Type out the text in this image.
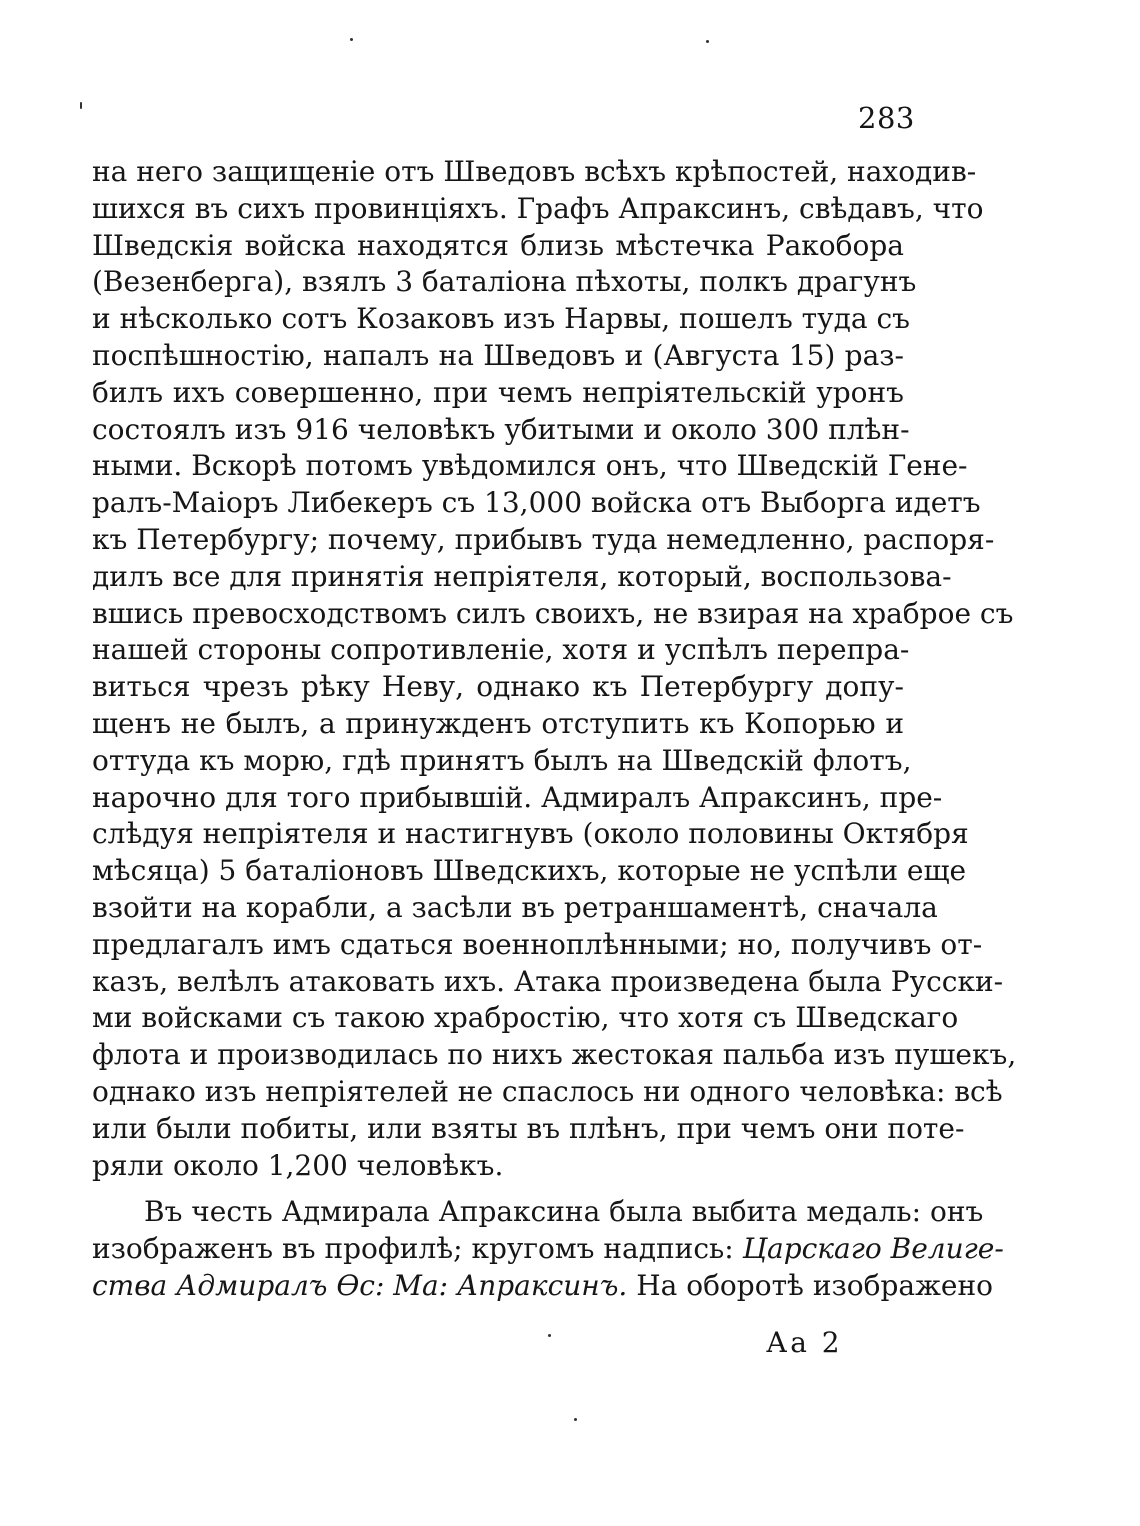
283
на него защищеніе отъ Шведовъ всѣхъ крѣпостей, находив-
шихся въ сихъ провинціяхъ. Графъ Апраксинъ, свѣдавъ, что
Шведскія войска находятся близь мѣстечка Ракобора
(Везенберга), взялъ 3 баталіона пѣхоты, полкъ драгунъ
и нѣсколько сотъ Козаковъ изъ Нарвы, пошелъ туда съ
поспѣшностію, напалъ на Шведовъ и (Августа 15) раз-
билъ ихъ совершенно, при чемъ непріятельскій уронъ
состоялъ изъ 916 человѣкъ убитыми и около 300 плѣн-
ными. Вскорѣ потомъ увѣдомился онъ, что Шведскій Гене-
ралъ-Маіоръ Либекеръ съ 13,000 войска отъ Выборга идетъ
къ Петербургу; почему, прибывъ туда немедленно, распоря-
дилъ все для принятія непріятеля, который, воспользова-
вшись превосходствомъ силъ своихъ, не взирая на храброе съ
нашей стороны сопротивленіе, хотя и успѣлъ перепра-
виться чрезъ рѣку Неву, однако къ Петербургу допу-
щенъ не былъ, а принужденъ отступить къ Копорью и
оттуда къ морю, гдѣ принятъ былъ на Шведскій флотъ,
нарочно для того прибывшій. Адмиралъ Апраксинъ, пре-
слѣдуя непріятеля и настигнувъ (около половины Октября
мѣсяца) 5 баталіоновъ Шведскихъ, которые не успѣли еще
взойти на корабли, а засѣли въ ретраншаментѣ, сначала
предлагалъ имъ сдаться военноплѣнными; но, получивъ от-
казъ, велѣлъ атаковать ихъ. Атака произведена была Русски-
ми войсками съ такою храбростію, что хотя съ Шведскаго
флота и производилась по нихъ жестокая пальба изъ пушекъ,
однако изъ непріятелей не спаслось ни одного человѣка: всѣ
или были побиты, или взяты въ плѣнъ, при чемъ они поте-
ряли около 1,200 человѣкъ.
Въ честь Адмирала Апраксина была выбита медаль: онъ
изображенъ въ профилѣ; кругомъ надпись: Царскаго Велиге-
ства Адмиралъ Ѳс: Ма: Апраксинъ. На оборотѣ изображено
Аа 2
